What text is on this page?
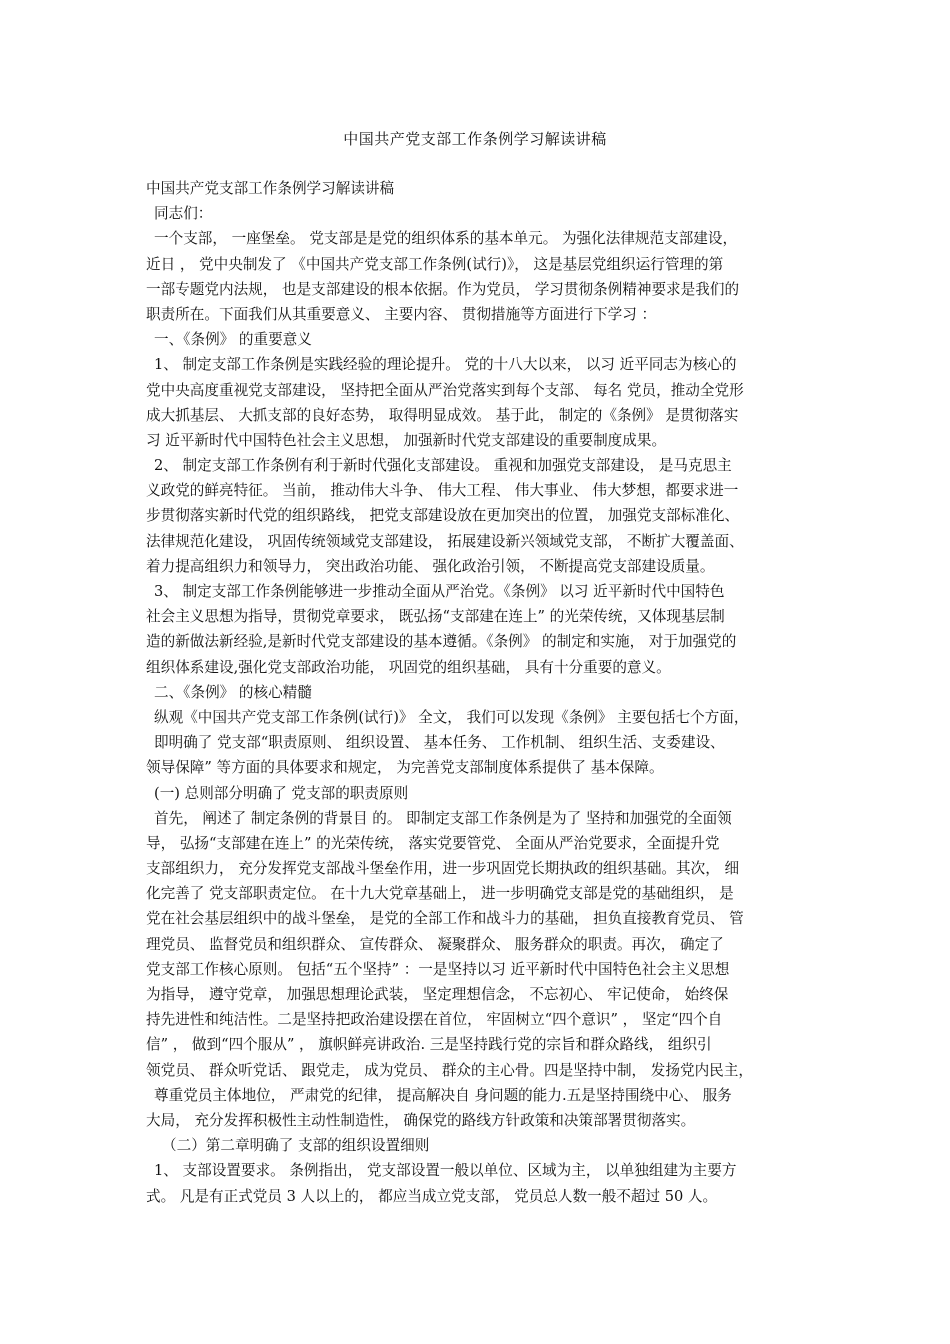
中国共产党支部工作条例学习解读讲稿
中国共产党支部工作条例学习解读讲稿
同志们：
一个支部， 一座堡垒。 党支部是是党的组织体系的基本单元。 为强化法律规范支部建设，
近日 ， 党中央制发了 《中国共产党支部工作条例(试行)》， 这是基层党组织运行管理的第
一部专题党内法规， 也是支部建设的根本依据。作为党员， 学习贯彻条例精神要求是我们的
职责所在。下面我们从其重要意义、 主要内容、 贯彻措施等方面进行下学习 ：
一、《条例》 的重要意义
1、 制定支部工作条例是实践经验的理论提升。 党的十八大以来， 以习 近平同志为核心的
党中央高度重视党支部建设， 坚持把全面从严治党落实到每个支部、 每名 党员，推动全党形
成大抓基层、 大抓支部的良好态势， 取得明显成效。 基于此， 制定的《条例》 是贯彻落实
习 近平新时代中国特色社会主义思想， 加强新时代党支部建设的重要制度成果。
2、 制定支部工作条例有利于新时代强化支部建设。 重视和加强党支部建设， 是马克思主
义政党的鲜亮特征。 当前， 推动伟大斗争、 伟大工程、 伟大事业、 伟大梦想，都要求进一
步贯彻落实新时代党的组织路线， 把党支部建设放在更加突出的位置， 加强党支部标准化、
法律规范化建设， 巩固传统领域党支部建设， 拓展建设新兴领域党支部， 不断扩大覆盖面、
着力提高组织力和领导力， 突出政治功能、 强化政治引领， 不断提高党支部建设质量。
3、 制定支部工作条例能够进一步推动全面从严治党。《条例》 以习 近平新时代中国特色
社会主义思想为指导，贯彻党章要求， 既弘扬“支部建在连上” 的光荣传统，又体现基层制
造的新做法新经验,是新时代党支部建设的基本遵循。《条例》 的制定和实施， 对于加强党的
组织体系建设,强化党支部政治功能， 巩固党的组织基础， 具有十分重要的意义。
二、《条例》 的核心精髓
纵观《中国共产党支部工作条例(试行)》 全文， 我们可以发现《条例》 主要包括七个方面，
即明确了 党支部“职责原则、 组织设置、 基本任务、 工作机制、 组织生活、支委建设、
领导保障” 等方面的具体要求和规定， 为完善党支部制度体系提供了 基本保障。
(一) 总则部分明确了 党支部的职责原则
首先， 阐述了 制定条例的背景目 的。 即制定支部工作条例是为了 坚持和加强党的全面领
导， 弘扬“支部建在连上” 的光荣传统， 落实党要管党、 全面从严治党要求，全面提升党
支部组织力， 充分发挥党支部战斗堡垒作用，进一步巩固党长期执政的组织基础。其次， 细
化完善了 党支部职责定位。 在十九大党章基础上， 进一步明确党支部是党的基础组织， 是
党在社会基层组织中的战斗堡垒， 是党的全部工作和战斗力的基础， 担负直接教育党员、 管
理党员、 监督党员和组织群众、 宣传群众、 凝聚群众、 服务群众的职责。再次， 确定了
党支部工作核心原则。 包括“五个坚持” ：一是坚持以习 近平新时代中国特色社会主义思想
为指导， 遵守党章， 加强思想理论武装， 坚定理想信念， 不忘初心、 牢记使命， 始终保
持先进性和纯洁性。二是坚持把政治建设摆在首位， 牢固树立“四个意识” ， 坚定“四个自
信” ， 做到“四个服从” ， 旗帜鲜亮讲政治. 三是坚持践行党的宗旨和群众路线， 组织引
领党员、 群众听党话、 跟党走， 成为党员、 群众的主心骨。四是坚持中制， 发扬党内民主，
尊重党员主体地位， 严肃党的纪律， 提高解决自 身问题的能力.五是坚持围绕中心、 服务
大局， 充分发挥积极性主动性制造性， 确保党的路线方针政策和决策部署贯彻落实。
（二）第二章明确了 支部的组织设置细则
1、 支部设置要求。 条例指出， 党支部设置一般以单位、区域为主， 以单独组建为主要方
式。 凡是有正式党员 3 人以上的， 都应当成立党支部， 党员总人数一般不超过 50 人。
